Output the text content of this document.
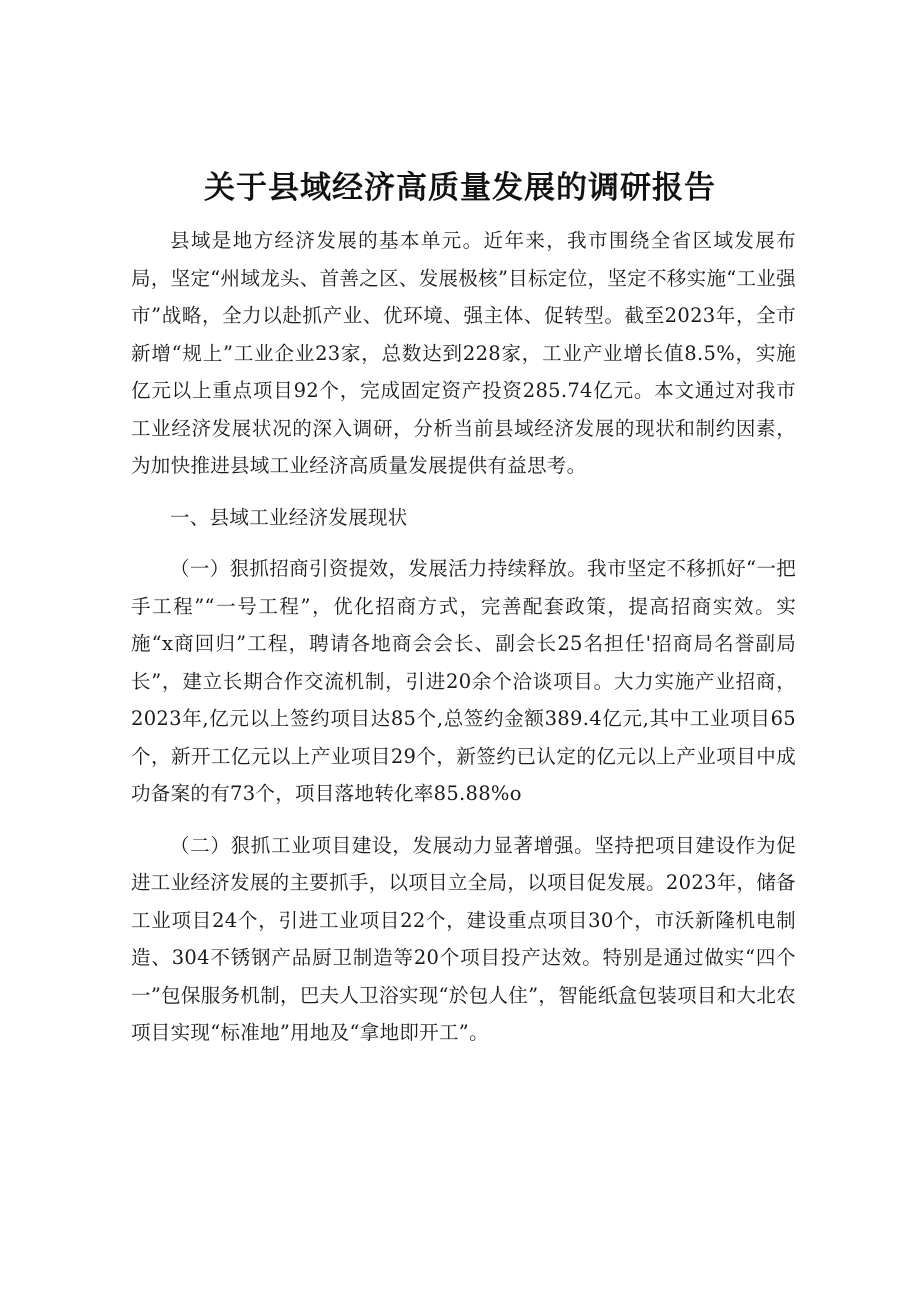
关于县域经济高质量发展的调研报告

县域是地方经济发展的基本单元。近年来，我市围绕全省区域发展布局，坚定“州域龙头、首善之区、发展极核”目标定位，坚定不移实施“工业强市”战略，全力以赴抓产业、优环境、强主体、促转型。截至2023年，全市新增“规上”工业企业23家，总数达到228家，工业产业增长值8.5%，实施亿元以上重点项目92个，完成固定资产投资285.74亿元。本文通过对我市工业经济发展状况的深入调研，分析当前县域经济发展的现状和制约因素，为加快推进县域工业经济高质量发展提供有益思考。

一、县域工业经济发展现状

（一）狠抓招商引资提效，发展活力持续释放。我市坚定不移抓好“一把手工程”“一号工程”，优化招商方式，完善配套政策，提高招商实效。实施“x商回归”工程，聘请各地商会会长、副会长25名担任'招商局名誉副局长”，建立长期合作交流机制，引进20余个洽谈项目。大力实施产业招商，2023年,亿元以上签约项目达85个,总签约金额389.4亿元,其中工业项目65个，新开工亿元以上产业项目29个，新签约已认定的亿元以上产业项目中成功备案的有73个，项目落地转化率85.88%o

（二）狠抓工业项目建设，发展动力显著增强。坚持把项目建设作为促进工业经济发展的主要抓手，以项目立全局，以项目促发展。2023年，储备工业项目24个，引进工业项目22个，建设重点项目30个，市沃新隆机电制造、304不锈钢产品厨卫制造等20个项目投产达效。特别是通过做实“四个一”包保服务机制，巴夫人卫浴实现“於包人住”，智能纸盒包装项目和大北农项目实现“标准地”用地及“拿地即开工”。
